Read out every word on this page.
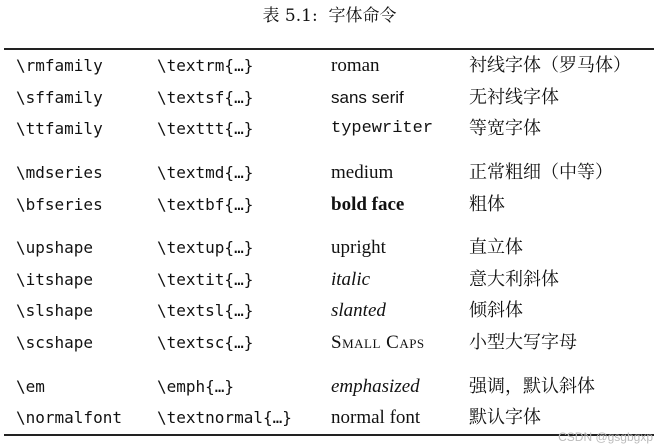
表 5.1:  字体命令
\rmfamily	\textrm{…}	roman	衬线字体（罗马体）
\sffamily	\textsf{…}	sans serif	无衬线字体
\ttfamily	\texttt{…}	typewriter 等宽字体
\mdseries	\textmd{…}	medium	正常粗细（中等）
\bfseries	\textbf{…}	bold face	粗体
\upshape	\textup{…}	upright	直立体
\itshape	\textit{…}	italic	意大利斜体
\slshape	\textsl{…}	slanted	倾斜体
\scshape	\textsc{…}	Small Caps 小型大写字母
\em	\emph{…}	emphasized	强调，默认斜体
\normalfont \textnormal{…} normal font	默认字体
CSDN @gsgbgxp
